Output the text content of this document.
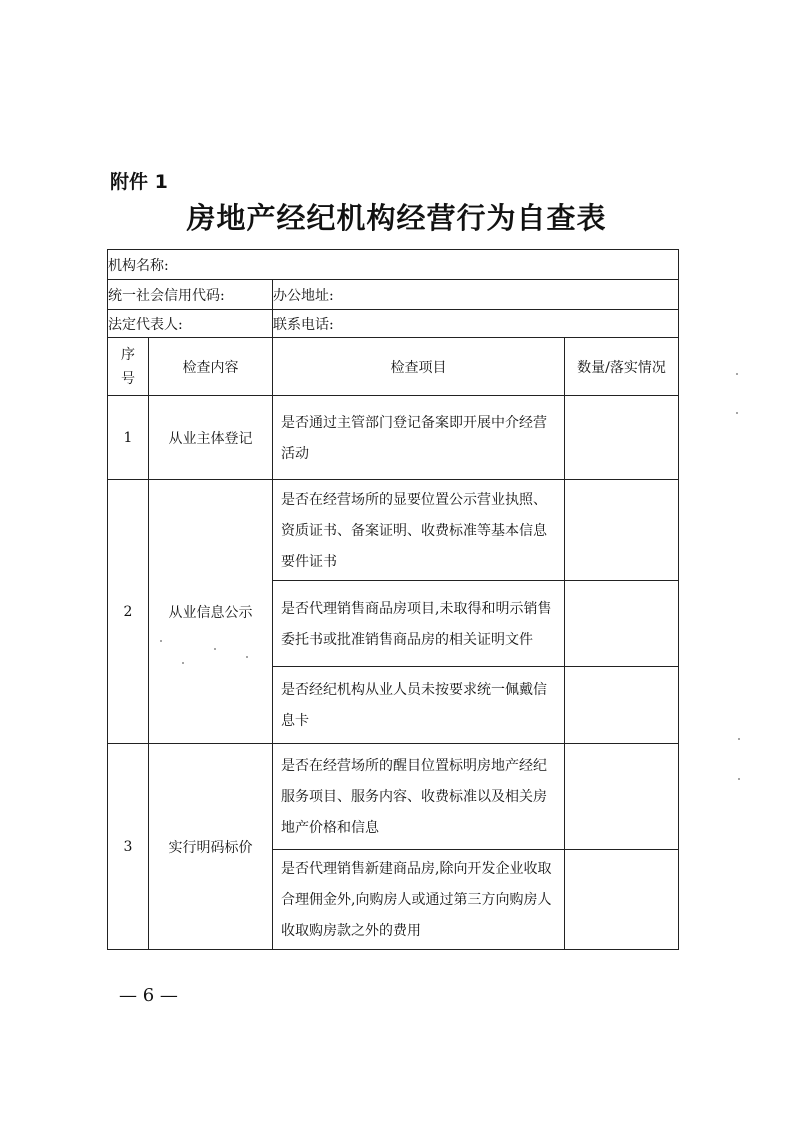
附件 1
房地产经纪机构经营行为自查表
机构名称:			
统一社会信用代码:		办公地址:	
法定代表人:		联系电话:	
序号	检查内容	检查项目	数量/落实情况
1	从业主体登记	是否通过主管部门登记备案即开展中介经营活动	
2	从业信息公示	是否在经营场所的显要位置公示营业执照、资质证书、备案证明、收费标准等基本信息要件证书	
		是否代理销售商品房项目,未取得和明示销售委托书或批准销售商品房的相关证明文件	
		是否经纪机构从业人员未按要求统一佩戴信息卡	
3	实行明码标价	是否在经营场所的醒目位置标明房地产经纪服务项目、服务内容、收费标准以及相关房地产价格和信息	
		是否代理销售新建商品房,除向开发企业收取合理佣金外,向购房人或通过第三方向购房人收取购房款之外的费用	
— 6 —
